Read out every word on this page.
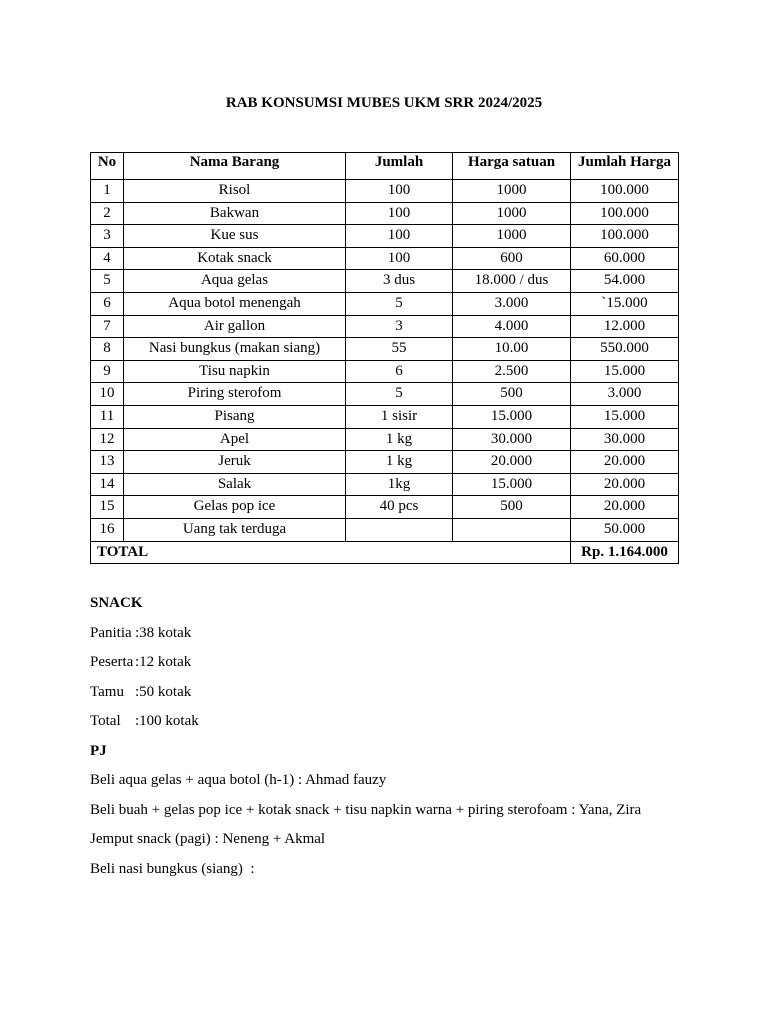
RAB KONSUMSI MUBES UKM SRR 2024/2025
No	Nama Barang	Jumlah	Harga satuan	Jumlah Harga
1	Risol	100	1000	100.000
2	Bakwan	100	1000	100.000
3	Kue sus	100	1000	100.000
4	Kotak snack	100	600	60.000
5	Aqua gelas	3 dus	18.000 / dus	54.000
6	Aqua botol menengah	5	3.000	`15.000
7	Air gallon	3	4.000	12.000
8	Nasi bungkus (makan siang)	55	10.00	550.000
9	Tisu napkin	6	2.500	15.000
10	Piring sterofom	5	500	3.000
11	Pisang	1 sisir	15.000	15.000
12	Apel	1 kg	30.000	30.000
13	Jeruk	1 kg	20.000	20.000
14	Salak	1kg	15.000	20.000
15	Gelas pop ice	40 pcs	500	20.000
16	Uang tak terduga			50.000
TOTAL				Rp. 1.164.000

SNACK

Panitia :38 kotak

Peserta :12 kotak

Tamu :50 kotak

Total :100 kotak

PJ

Beli aqua gelas + aqua botol (h-1) : Ahmad fauzy

Beli buah + gelas pop ice + kotak snack + tisu napkin warna + piring sterofoam : Yana, Zira

Jemput snack (pagi) : Neneng + Akmal

Beli nasi bungkus (siang)  :
